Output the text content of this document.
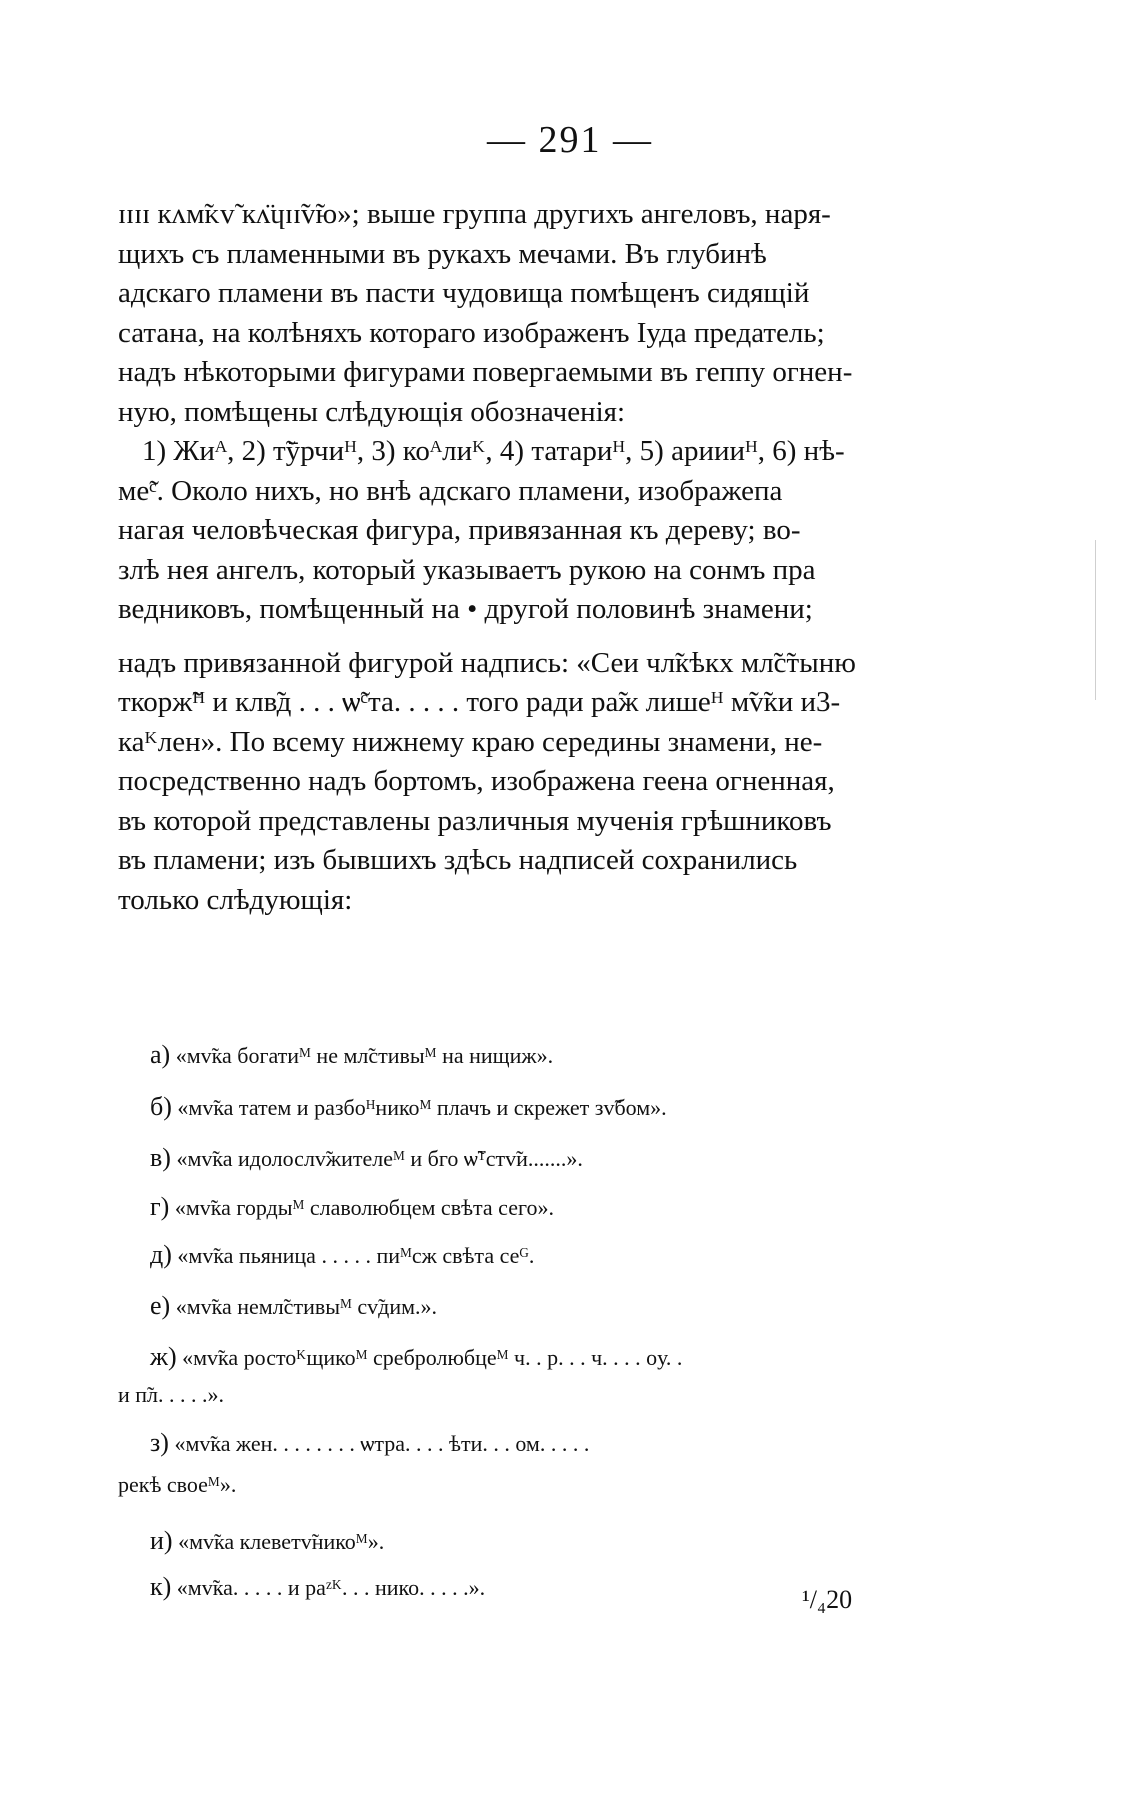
— 291 —

ɪɪɪɪ кʌᴍ̃ᴋᴠ̃ кʌ̈ɥɪɪ̃ᴠ̃ю»; выше группа другихъ ангеловъ, наря-

щихъ съ пламенными въ рукахъ мечами. Въ глубинѣ

адскаго пламени въ пасти чудовища помѣщенъ сидящій

сатана, на колѣняхъ котораго изображенъ Іуда предатель;

надъ нѣкоторыми фигурами повергаемыми въ геппу огнен-

ную, помѣщены слѣдующія обозначенія:

1) Жиᴬ, 2) т̃ӯрчиᴴ, 3) коᴬлиᴷ, 4) татариᴴ, 5) ариииᴴ, 6) нѣ-

ме̃ᶜ. Около нихъ, но внѣ адскаго пламени, изображепа

нагая человѣческая фигура, привязанная къ дереву; во-

злѣ нея ангелъ, который указываетъ рукою на сонмъ пра

ведниковъ, помѣщенный на • другой половинѣ знамени;

надъ привязанной фигурой надпись: «Сеи чл̃кѣкх мл̃с̃тыню

ткорж̃ᴴ и клв̃д . . . ѡ̃ᶜта. . . . . того ради ра̃ж лишеᴴ м̃ᴠ̃ки и3-

каᴷлен». По всему нижнему краю середины знамени, не-

посредственно надъ бортомъ, изображена геена огненная,

въ которой представлены различныя мученія грѣшниковъ

въ пламени; изъ бывшихъ здѣсь надписей сохранились

только слѣдующія:

а) «мᴠ̃ка богатиᴹ не мл̃стивыᴹ на нищиж».

б) «мᴠ̃ка татем и разбоᴴникоᴹ плачъ и скрежет зᴠ̃бом».

в) «мᴠ̃ка идолослᴠ̃жителеᴹ и бго ѡ̃ᵀстᴠ̃и.......».

г) «мᴠ̃ка гордыᴹ славолюбцем свѣта сего».

д) «мᴠ̃ка пьяница . . . . . пиᴹсж свѣта сеᴳ.

е) «мᴠ̃ка немл̃стивыᴹ сᴠ̃дим.».

ж) «мᴠ̃ка ростоᴷщикоᴹ сребролюбцеᴹ ч. . р. . . ч. . . . ᴏу. .

и п̃л. . . . .».

з) «мᴠ̃ка жен. . . . . . . . ѡтра. . . . ѣти. . . ом. . . . .

рекѣ своеᴹ».

и) «мᴠ̃ка клеветᴠ̃никоᴹ».

к) «мᴠ̃ка. . . . . и раᶻᴷ. . . нико. . . . .».	¹/₄20
